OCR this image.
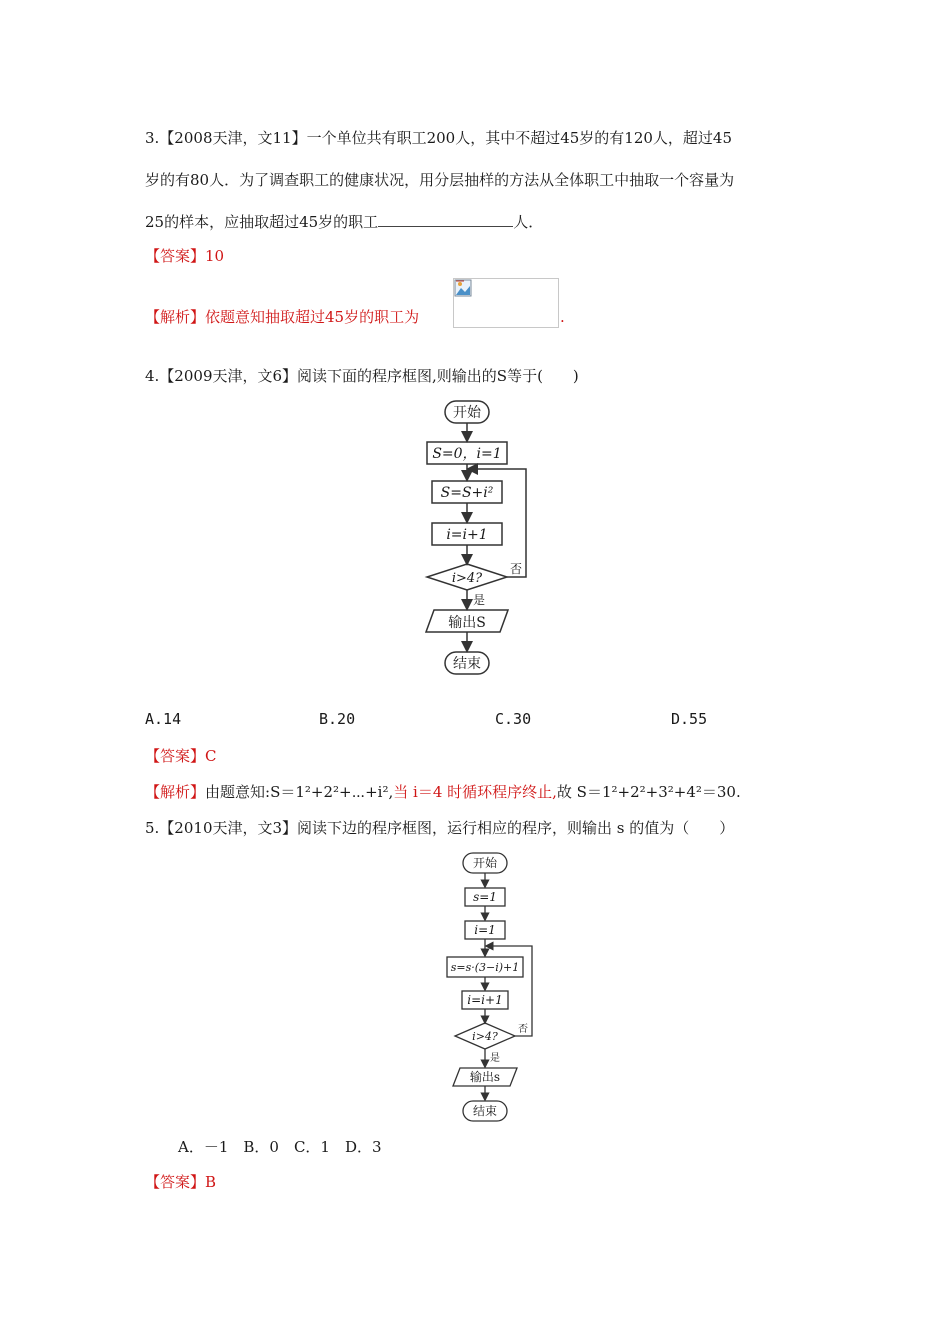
3.【2008天津，文11】一个单位共有职工200人，其中不超过45岁的有120人，超过45
岁的有80人．为了调查职工的健康状况，用分层抽样的方法从全体职工中抽取一个容量为
25的样本，应抽取超过45岁的职工	人．
【答案】10
【解析】依题意知抽取超过45岁的职工为	.
4.【2009天津，文6】阅读下面的程序框图,则输出的S等于(　　)
开始
S=0，i=1
S=S+i²
i=i+1
i>4?
否
是
输出S
结束
A.14	B.20	C.30	D.55
【答案】C
【解析】由题意知:S＝1²+2²+⋯+i²,当 i＝4 时循环程序终止,故 S＝1²+2²+3²+4²＝30.
5.【2010天津，文3】阅读下边的程序框图，运行相应的程序，则输出 s 的值为（　　）
开始
s=1
i=1
s=s·(3−i)+1
i=i+1
i>4?
否
是
输出s
结束
A．－1　B．0　C．1　D．3
【答案】B
